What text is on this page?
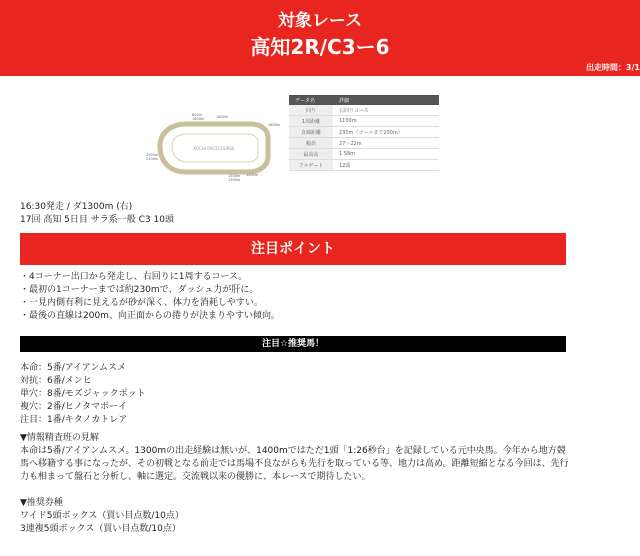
対象レース
高知2R/C3ー6
出走時間：3/1
KOCHI RACECOURSE
800m
1600m	1800m
1900m
2100m
1300m 1400m
1300m
1800m
データ名	詳細
回り	右回りコース
1周距離	1100m
直線距離	230m（ゴールまで200m）
幅員	27～22m
最高高	1.58m
フルゲート	12頭
16:30発走 / ダ1300m (右)
17回 高知 5日目 サラ系一般 C3 10頭
注目ポイント
・4コーナー出口から発走し、右回りに1周するコース。
・最初の1コーナーまでは約230mで、ダッシュ力が肝に。
・一見内側有利に見えるが砂が深く、体力を消耗しやすい。
・最後の直線は200m、向正面からの捲りが決まりやすい傾向。
注目☆推奨馬！
本命：5番/アイアンムスメ
対抗：6番/メンヒ
単穴：8番/モズジャックポット
複穴：2番/ヒノタマボーイ
注目：1番/キタノカトレア
▼情報精査班の見解
本命は5番/アイアンムスメ。1300mの出走経験は無いが、1400mではただ1頭「1:26秒台」を記録している元中央馬。今年から地方競馬へ移籍する事になったが、その初戦となる前走では馬場不良ながらも先行を取っている等、地力は高め。距離短縮となる今回は、先行力も相まって盤石と分析し、軸に選定。交流戦以来の優勝に、本レースで期待したい。
▼推奨券種
ワイド5頭ボックス（買い目点数/10点）
3連複5頭ボックス（買い目点数/10点）
